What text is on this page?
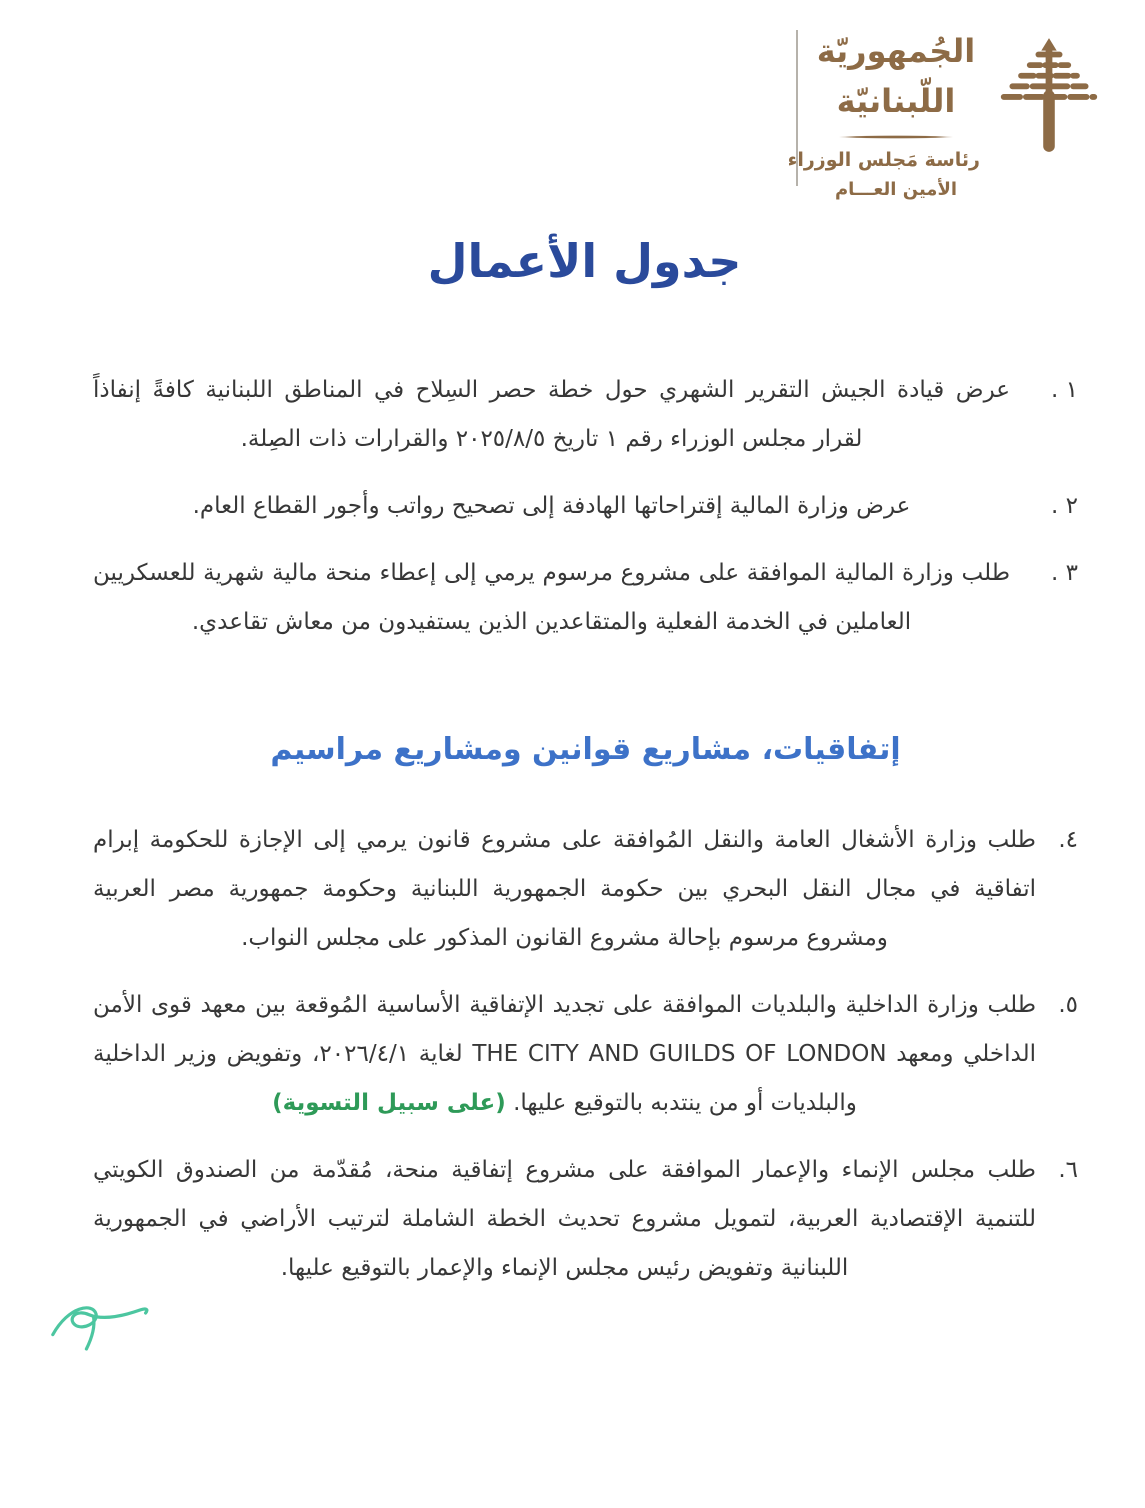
الجُمهوريّة
اللّبنانيّة
رئاسة مَجلس الوزراء
الأمين العـــام
جدول الأعمال
١ .

عرض قيادة الجيش التقرير الشهري حول خطة حصر السِلاح في المناطق اللبنانية كافةً إنفاذاً لقرار مجلس الوزراء رقم ١ تاريخ ٢٠٢٥/٨/٥ والقرارات ذات الصِلة.

٢ .

عرض وزارة المالية إقتراحاتها الهادفة إلى تصحيح رواتب وأجور القطاع العام.

٣ .

طلب وزارة المالية الموافقة على مشروع مرسوم يرمي إلى إعطاء منحة مالية شهرية للعسكريين العاملين في الخدمة الفعلية والمتقاعدين الذين يستفيدون من معاش تقاعدي.

إتفاقيات، مشاريع قوانين ومشاريع مراسيم
٤.

طلب وزارة الأشغال العامة والنقل المُوافقة على مشروع قانون يرمي إلى الإجازة للحكومة إبرام اتفاقية في مجال النقل البحري بين حكومة الجمهورية اللبنانية وحكومة جمهورية مصر العربية ومشروع مرسوم بإحالة مشروع القانون المذكور على مجلس النواب.

٥.

طلب وزارة الداخلية والبلديات الموافقة على تجديد الإتفاقية الأساسية المُوقعة بين معهد قوى الأمن الداخلي ومعهد THE CITY AND GUILDS OF LONDON لغاية ٢٠٢٦/٤/١، وتفويض وزير الداخلية والبلديات أو من ينتدبه بالتوقيع عليها. (على سبيل التسوية)

٦.

طلب مجلس الإنماء والإعمار الموافقة على مشروع إتفاقية منحة، مُقدّمة من الصندوق الكويتي للتنمية الإقتصادية العربية، لتمويل مشروع تحديث الخطة الشاملة لترتيب الأراضي في الجمهورية اللبنانية وتفويض رئيس مجلس الإنماء والإعمار بالتوقيع عليها.
